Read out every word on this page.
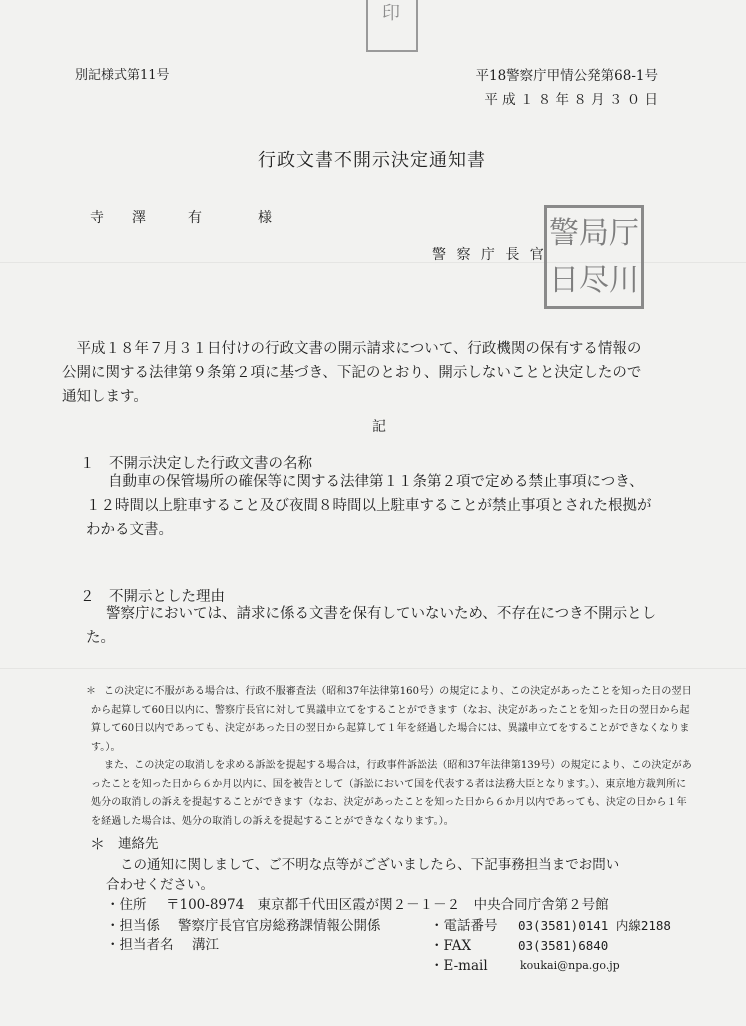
印
別記様式第11号	平18警察庁甲情公発第68-1号
平 成 １ ８ 年 ８ 月 ３ ０ 日
行政文書不開示決定通知書
寺　　澤　　　有　　　　様
警 察 庁 長 官
警 局 厅
日 尽 川
　平成１８年７月３１日付けの行政文書の開示請求について、行政機関の保有する情報の
公開に関する法律第９条第２項に基づき、下記のとおり、開示しないことと決定したので
通知します。
記
１　不開示決定した行政文書の名称
自動車の保管場所の確保等に関する法律第１１条第２項で定める禁止事項につき、
１２時間以上駐車すること及び夜間８時間以上駐車することが禁止事項とされた根拠が
わかる文書。
２　不開示とした理由
警察庁においては、請求に係る文書を保有していないため、不存在につき不開示とし
た。
＊ この決定に不服がある場合は、行政不服審査法（昭和37年法律第160号）の規定により、この決定があったことを知った日の翌日
から起算して60日以内に、警察庁長官に対して異議申立てをすることができます（なお、決定があったことを知った日の翌日から起
算して60日以内であっても、決定があった日の翌日から起算して１年を経過した場合には、異議申立てをすることができなくなりま
す。）。
また、この決定の取消しを求める訴訟を提起する場合は，行政事件訴訟法（昭和37年法律第139号）の規定により、この決定があ
ったことを知った日から６か月以内に、国を被告として（訴訟において国を代表する者は法務大臣となります。）、東京地方裁判所に
処分の取消しの訴えを提起することができます（なお、決定があったことを知った日から６か月以内であっても、決定の日から１年
を経過した場合は、処分の取消しの訴えを提起することができなくなります。）。
＊ 連絡先
この通知に関しまして、ご不明な点等がございましたら、下記事務担当までお問い
合わせください。
・住所 〒100-8974　東京都千代田区霞が関２－１－２　中央合同庁舎第２号館
・担当係 警察庁長官官房総務課情報公開係
・担当者名 溝江
・電話番号 03(3581)0141 内線2188
・FAX	03(3581)6840
・E-mail	koukai@npa.go.jp
